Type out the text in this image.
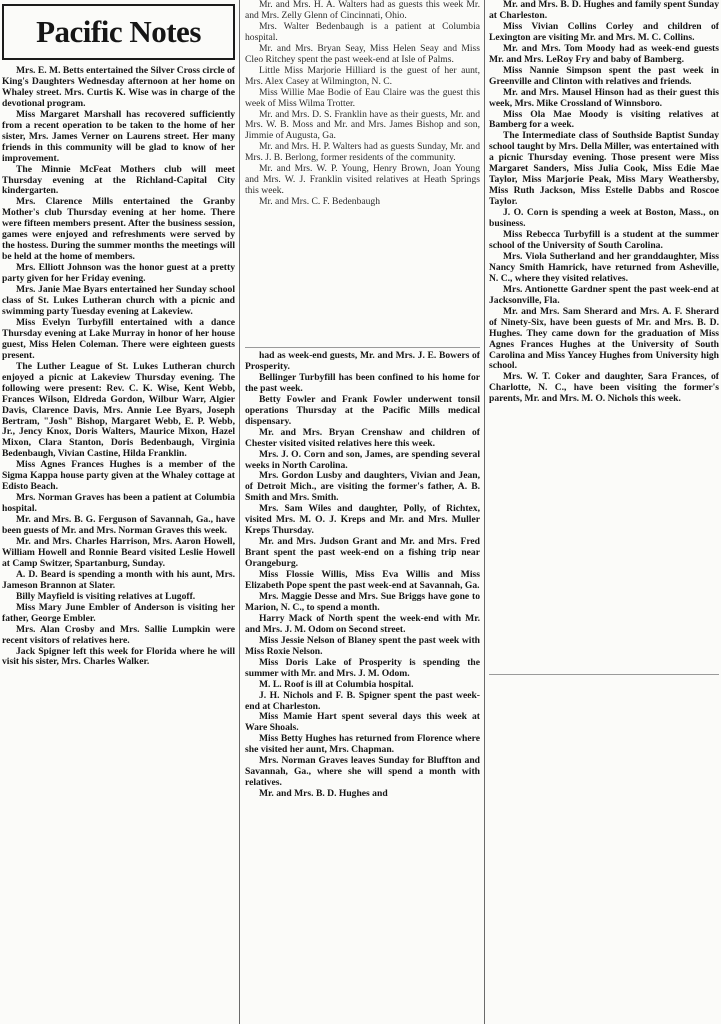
Pacific Notes

Mrs. E. M. Betts entertained the Silver Cross circle of King's Daughters Wednesday afternoon at her home on Whaley street. Mrs. Curtis K. Wise was in charge of the devotional program.

Miss Margaret Marshall has recovered sufficiently from a recent operation to be taken to the home of her sister, Mrs. James Verner on Laurens street. Her many friends in this community will be glad to know of her improvement.

The Minnie McFeat Mothers club will meet Thursday evening at the Richland-Capital City kindergarten.

Mrs. Clarence Mills entertained the Granby Mother's club Thursday evening at her home. There were fifteen members present. After the business session, games were enjoyed and refreshments were served by the hostess. During the summer months the meetings will be held at the home of members.

Mrs. Elliott Johnson was the honor guest at a pretty party given for her Friday evening.

Mrs. Janie Mae Byars entertained her Sunday school class of St. Lukes Lutheran church with a picnic and swimming party Tuesday evening at Lakeview.

Miss Evelyn Turbyfill entertained with a dance Thursday evening at Lake Murray in honor of her house guest, Miss Helen Coleman. There were eighteen guests present.

The Luther League of St. Lukes Lutheran church enjoyed a picnic at Lakeview Thursday evening. The following were present: Rev. C. K. Wise, Kent Webb, Frances Wilson, Eldreda Gordon, Wilbur Warr, Algier Davis, Clarence Davis, Mrs. Annie Lee Byars, Joseph Bertram, "Josh" Bishop, Margaret Webb, E. P. Webb, Jr., Jency Knox, Doris Walters, Maurice Mixon, Hazel Mixon, Clara Stanton, Doris Bedenbaugh, Virginia Bedenbaugh, Vivian Castine, Hilda Franklin.

Miss Agnes Frances Hughes is a member of the Sigma Kappa house party given at the Whaley cottage at Edisto Beach.

Mrs. Norman Graves has been a patient at Columbia hospital.

Mr. and Mrs. B. G. Ferguson of Savannah, Ga., have been guests of Mr. and Mrs. Norman Graves this week.

Mr. and Mrs. Charles Harrison, Mrs. Aaron Howell, William Howell and Ronnie Beard visited Leslie Howell at Camp Switzer, Spartanburg, Sunday.

A. D. Beard is spending a month with his aunt, Mrs. Jameson Brannon at Slater.

Billy Mayfield is visiting relatives at Lugoff.

Miss Mary June Embler of Anderson is visiting her father, George Embler.

Mrs. Alan Crosby and Mrs. Sallie Lumpkin were recent visitors of relatives here.

Jack Spigner left this week for Florida where he will visit his sister, Mrs. Charles Walker.

Mr. and Mrs. H. A. Walters had as guests this week Mr. and Mrs. Zelly Glenn of Cincinnati, Ohio.

Mrs. Walter Bedenbaugh is a patient at Columbia hospital.

Mr. and Mrs. Bryan Seay, Miss Helen Seay and Miss Cleo Ritchey spent the past week-end at Isle of Palms.

Little Miss Marjorie Hilliard is the guest of her aunt, Mrs. Alex Casey at Wilmington, N. C.

Miss Willie Mae Bodie of Eau Claire was the guest this week of Miss Wilma Trotter.

Mr. and Mrs. D. S. Franklin have as their guests, Mr. and Mrs. W. B. Moss and Mr. and Mrs. James Bishop and son, Jimmie of Augusta, Ga.

Mr. and Mrs. H. P. Walters had as guests Sunday, Mr. and Mrs. J. B. Berlong, former residents of the community.

Mr. and Mrs. W. P. Young, Henry Brown, Joan Young and Mrs. W. J. Franklin visited relatives at Heath Springs this week.

Mr. and Mrs. C. F. Bedenbaugh

had as week-end guests, Mr. and Mrs. J. E. Bowers of Prosperity.

Bellinger Turbyfill has been confined to his home for the past week.

Betty Fowler and Frank Fowler underwent tonsil operations Thursday at the Pacific Mills medical dispensary.

Mr. and Mrs. Bryan Crenshaw and children of Chester visited visited relatives here this week.

Mrs. J. O. Corn and son, James, are spending several weeks in North Carolina.

Mrs. Gordon Lusby and daughters, Vivian and Jean, of Detroit Mich., are visiting the former's father, A. B. Smith and Mrs. Smith.

Mrs. Sam Wiles and daughter, Polly, of Richtex, visited Mrs. M. O. J. Kreps and Mr. and Mrs. Muller Kreps Thursday.

Mr. and Mrs. Judson Grant and Mr. and Mrs. Fred Brant spent the past week-end on a fishing trip near Orangeburg.

Miss Flossie Willis, Miss Eva Willis and Miss Elizabeth Pope spent the past week-end at Savannah, Ga.

Mrs. Maggie Desse and Mrs. Sue Briggs have gone to Marion, N. C., to spend a month.

Harry Mack of North spent the week-end with Mr. and Mrs. J. M. Odom on Second street.

Miss Jessie Nelson of Blaney spent the past week with Miss Roxie Nelson.

Miss Doris Lake of Prosperity is spending the summer with Mr. and Mrs. J. M. Odom.

M. L. Roof is ill at Columbia hospital.

J. H. Nichols and F. B. Spigner spent the past week-end at Charleston.

Miss Mamie Hart spent several days this week at Ware Shoals.

Miss Betty Hughes has returned from Florence where she visited her aunt, Mrs. Chapman.

Mrs. Norman Graves leaves Sunday for Bluffton and Savannah, Ga., where she will spend a month with relatives.

Mr. and Mrs. B. D. Hughes and

Mr. and Mrs. B. D. Hughes and family spent Sunday at Charleston.

Miss Vivian Collins Corley and children of Lexington are visiting Mr. and Mrs. M. C. Collins.

Mr. and Mrs. Tom Moody had as week-end guests Mr. and Mrs. LeRoy Fry and baby of Bamberg.

Miss Nannie Simpson spent the past week in Greenville and Clinton with relatives and friends.

Mr. and Mrs. Mausel Hinson had as their guest this week, Mrs. Mike Crossland of Winnsboro.

Miss Ola Mae Moody is visiting relatives at Bamberg for a week.

The Intermediate class of Southside Baptist Sunday school taught by Mrs. Della Miller, was entertained with a picnic Thursday evening. Those present were Miss Margaret Sanders, Miss Julia Cook, Miss Edie Mae Taylor, Miss Marjorie Peak, Miss Mary Weathersby, Miss Ruth Jackson, Miss Estelle Dabbs and Roscoe Taylor.

J. O. Corn is spending a week at Boston, Mass., on business.

Miss Rebecca Turbyfill is a student at the summer school of the University of South Carolina.

Mrs. Viola Sutherland and her granddaughter, Miss Nancy Smith Hamrick, have returned from Asheville, N. C., where they visited relatives.

Mrs. Antionette Gardner spent the past week-end at Jacksonville, Fla.

Mr. and Mrs. Sam Sherard and Mrs. A. F. Sherard of Ninety-Six, have been guests of Mr. and Mrs. B. D. Hughes. They came down for the graduation of Miss Agnes Frances Hughes at the University of South Carolina and Miss Yancey Hughes from University high school.

Mrs. W. T. Coker and daughter, Sara Frances, of Charlotte, N. C., have been visiting the former's parents, Mr. and Mrs. M. O. Nichols this week.
